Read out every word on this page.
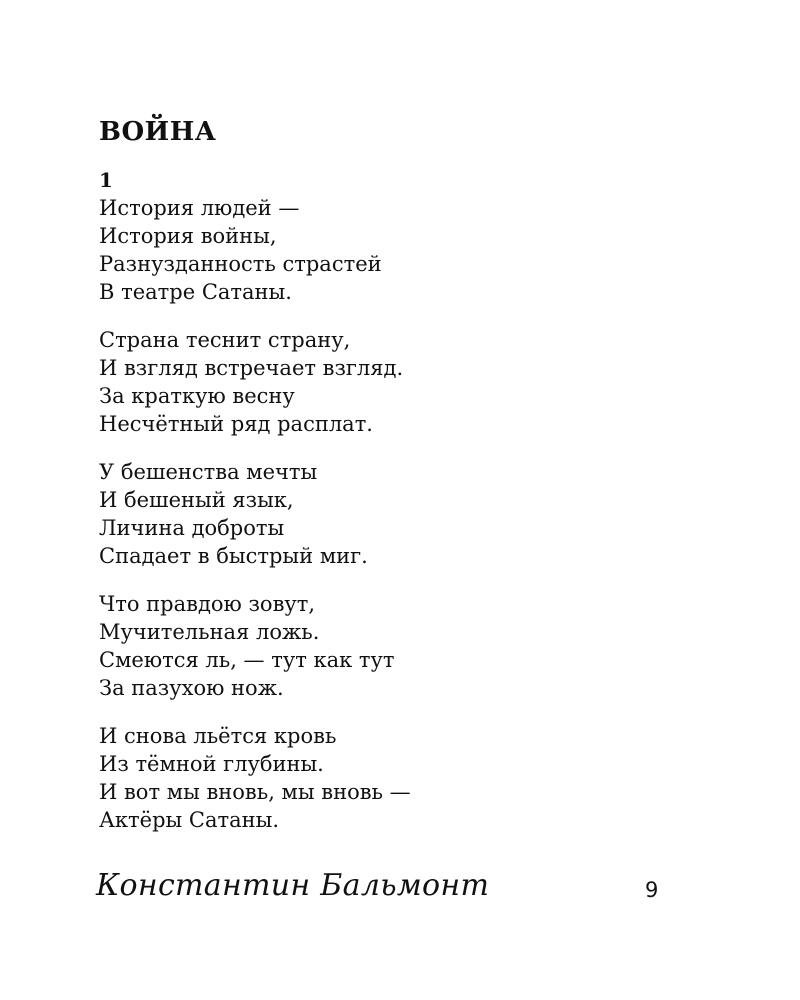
ВОЙНА
1
История людей —
История войны,
Разнузданность страстей
В театре Сатаны.
Страна теснит страну,
И взгляд встречает взгляд.
За краткую весну
Несчётный ряд расплат.
У бешенства мечты
И бешеный язык,
Личина доброты
Спадает в быстрый миг.
Что правдою зовут,
Мучительная ложь.
Смеются ль, — тут как тут
За пазухою нож.
И снова льётся кровь
Из тёмной глубины.
И вот мы вновь, мы вновь —
Актёры Сатаны.
Константин Бальмонт	9
